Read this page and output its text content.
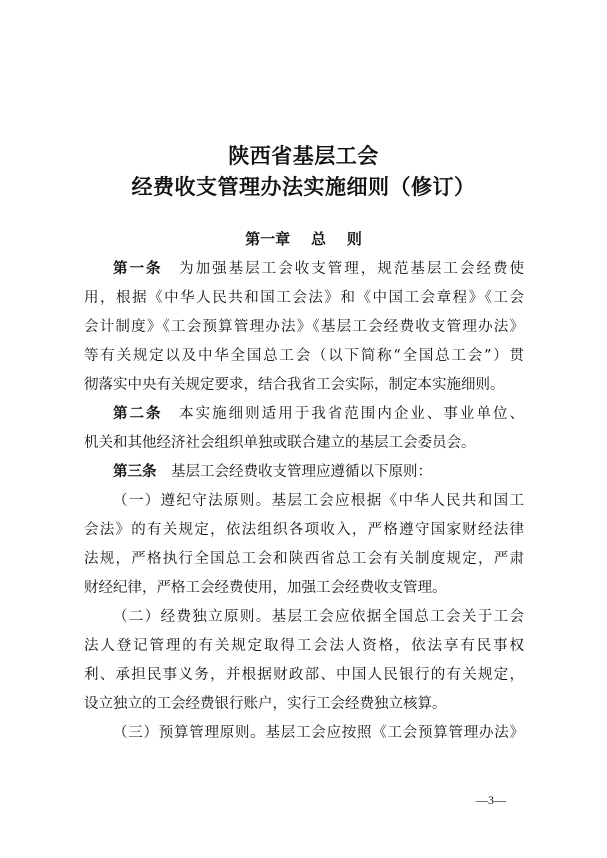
陕西省基层工会
经费收支管理办法实施细则（修订）
第一章    总    则
第一条　为加强基层工会收支管理，规范基层工会经费使
用，根据《中华人民共和国工会法》和《中国工会章程》《工会
会计制度》《工会预算管理办法》《基层工会经费收支管理办法》
等有关规定以及中华全国总工会（以下简称“全国总工会”）贯
彻落实中央有关规定要求，结合我省工会实际，制定本实施细则。
第二条　本实施细则适用于我省范围内企业、事业单位、
机关和其他经济社会组织单独或联合建立的基层工会委员会。
第三条　基层工会经费收支管理应遵循以下原则：
（一）遵纪守法原则。基层工会应根据《中华人民共和国工
会法》的有关规定，依法组织各项收入，严格遵守国家财经法律
法规，严格执行全国总工会和陕西省总工会有关制度规定，严肃
财经纪律，严格工会经费使用，加强工会经费收支管理。
（二）经费独立原则。基层工会应依据全国总工会关于工会
法人登记管理的有关规定取得工会法人资格，依法享有民事权
利、承担民事义务，并根据财政部、中国人民银行的有关规定，
设立独立的工会经费银行账户，实行工会经费独立核算。
（三）预算管理原则。基层工会应按照《工会预算管理办法》
—3—
